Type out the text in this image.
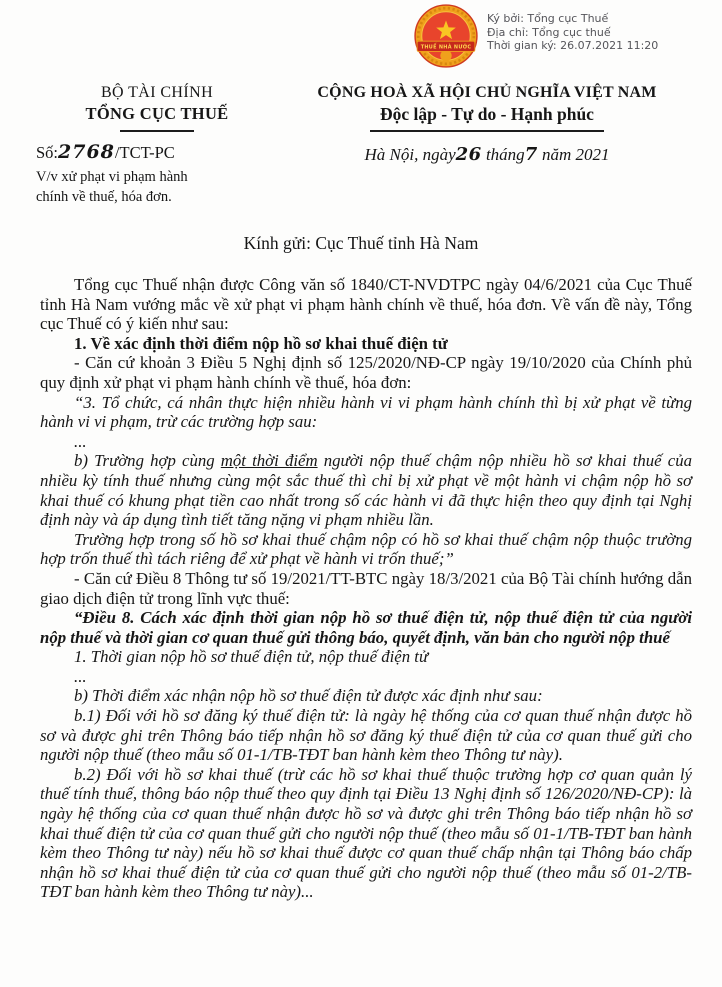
THUẾ NHÀ NƯỚC
Ký bởi: Tổng cục Thuế
Địa chỉ: Tổng cục thuế
Thời gian ký: 26.07.2021 11:20
BỘ TÀI CHÍNH
TỔNG CỤC THUẾ
CỘNG HOÀ XÃ HỘI CHỦ NGHĨA VIỆT NAM
Độc lập - Tự do - Hạnh phúc
Số:2768/TCT-PC
V/v xử phạt vi phạm hành
chính về thuế, hóa đơn.
Hà Nội, ngày26 tháng7 năm 2021
Kính gửi: Cục Thuế tỉnh Hà Nam

Tổng cục Thuế nhận được Công văn số 1840/CT-NVDTPC ngày 04/6/2021 của Cục Thuế tỉnh Hà Nam vướng mắc về xử phạt vi phạm hành chính về thuế, hóa đơn. Về vấn đề này, Tổng cục Thuế có ý kiến như sau:

1. Về xác định thời điểm nộp hồ sơ khai thuế điện tử

- Căn cứ khoản 3 Điều 5 Nghị định số 125/2020/NĐ-CP ngày 19/10/2020 của Chính phủ quy định xử phạt vi phạm hành chính về thuế, hóa đơn:

“3. Tổ chức, cá nhân thực hiện nhiều hành vi vi phạm hành chính thì bị xử phạt về từng hành vi vi phạm, trừ các trường hợp sau:

...

b) Trường hợp cùng một thời điểm người nộp thuế chậm nộp nhiều hồ sơ khai thuế của nhiều kỳ tính thuế nhưng cùng một sắc thuế thì chỉ bị xử phạt về một hành vi chậm nộp hồ sơ khai thuế có khung phạt tiền cao nhất trong số các hành vi đã thực hiện theo quy định tại Nghị định này và áp dụng tình tiết tăng nặng vi phạm nhiều lần.

Trường hợp trong số hồ sơ khai thuế chậm nộp có hồ sơ khai thuế chậm nộp thuộc trường hợp trốn thuế thì tách riêng để xử phạt về hành vi trốn thuế;”

- Căn cứ Điều 8 Thông tư số 19/2021/TT-BTC ngày 18/3/2021 của Bộ Tài chính hướng dẫn giao dịch điện tử trong lĩnh vực thuế:

“Điều 8. Cách xác định thời gian nộp hồ sơ thuế điện tử, nộp thuế điện tử của người nộp thuế và thời gian cơ quan thuế gửi thông báo, quyết định, văn bản cho người nộp thuế

1. Thời gian nộp hồ sơ thuế điện tử, nộp thuế điện tử

...

b) Thời điểm xác nhận nộp hồ sơ thuế điện tử được xác định như sau:

b.1) Đối với hồ sơ đăng ký thuế điện tử: là ngày hệ thống của cơ quan thuế nhận được hồ sơ và được ghi trên Thông báo tiếp nhận hồ sơ đăng ký thuế điện tử của cơ quan thuế gửi cho người nộp thuế (theo mẫu số 01-1/TB-TĐT ban hành kèm theo Thông tư này).

b.2) Đối với hồ sơ khai thuế (trừ các hồ sơ khai thuế thuộc trường hợp cơ quan quản lý thuế tính thuế, thông báo nộp thuế theo quy định tại Điều 13 Nghị định số 126/2020/NĐ-CP): là ngày hệ thống của cơ quan thuế nhận được hồ sơ và được ghi trên Thông báo tiếp nhận hồ sơ khai thuế điện tử của cơ quan thuế gửi cho người nộp thuế (theo mẫu số 01-1/TB-TĐT ban hành kèm theo Thông tư này) nếu hồ sơ khai thuế được cơ quan thuế chấp nhận tại Thông báo chấp nhận hồ sơ khai thuế điện tử của cơ quan thuế gửi cho người nộp thuế (theo mẫu số 01-2/TB-TĐT ban hành kèm theo Thông tư này)...
